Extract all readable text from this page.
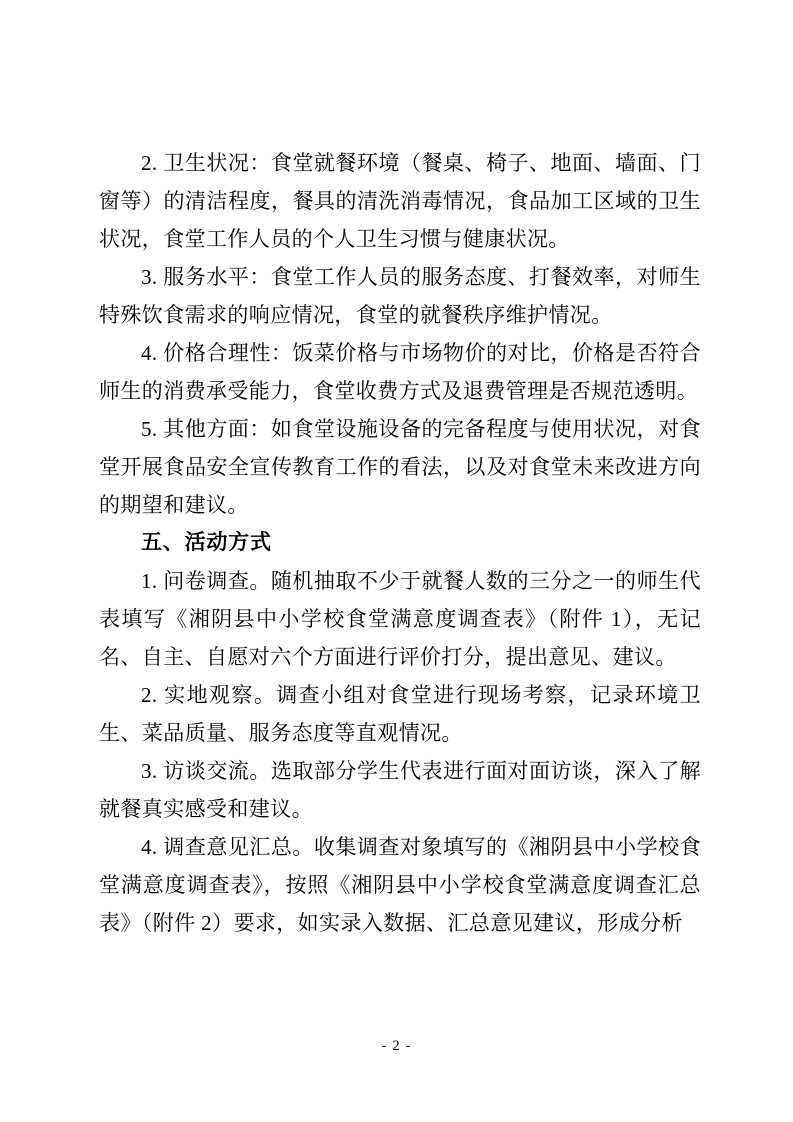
2. 卫生状况：食堂就餐环境（餐桌、椅子、地面、墙面、门窗等）的清洁程度，餐具的清洗消毒情况，食品加工区域的卫生状况，食堂工作人员的个人卫生习惯与健康状况。

3. 服务水平：食堂工作人员的服务态度、打餐效率，对师生特殊饮食需求的响应情况，食堂的就餐秩序维护情况。

4. 价格合理性：饭菜价格与市场物价的对比，价格是否符合师生的消费承受能力，食堂收费方式及退费管理是否规范透明。

5. 其他方面：如食堂设施设备的完备程度与使用状况，对食堂开展食品安全宣传教育工作的看法，以及对食堂未来改进方向的期望和建议。

五、活动方式

1. 问卷调查。随机抽取不少于就餐人数的三分之一的师生代表填写《湘阴县中小学校食堂满意度调查表》（附件 1），无记名、自主、自愿对六个方面进行评价打分，提出意见、建议。

2. 实地观察。调查小组对食堂进行现场考察，记录环境卫生、菜品质量、服务态度等直观情况。

3. 访谈交流。选取部分学生代表进行面对面访谈，深入了解就餐真实感受和建议。

4. 调查意见汇总。收集调查对象填写的《湘阴县中小学校食堂满意度调查表》，按照《湘阴县中小学校食堂满意度调查汇总表》（附件 2）要求，如实录入数据、汇总意见建议，形成分析

- 2 -
